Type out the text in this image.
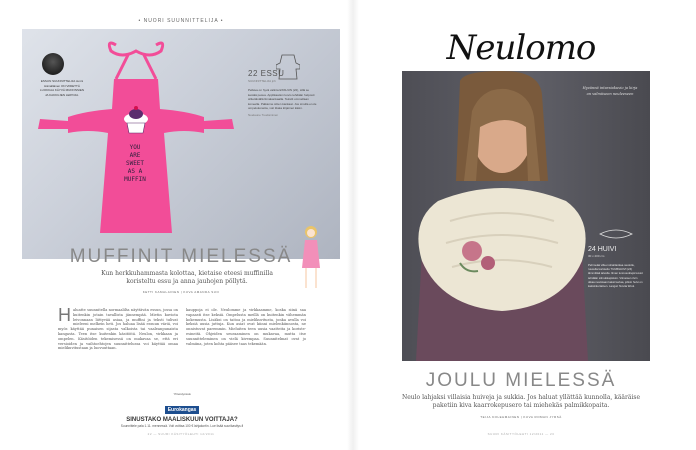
• NUORI SUUNNITTELIJA •
ESSUN SUUNNITTELIJA Jenni Hämäläinen ON VIIDETTÄ LUOKKAA KÄYVÄ MUFFINSIEN JA KAKKUJEN LEIPOJA.
YOU ARE SWEET AS A MUFFIN
22 ESSU
SUUNNITTELIJA jnh
Pellava on hyvä valinta ESSUUN (22), sillä se kestää pesua. Applikaation kuvio tehdään helposti silitettävällä liimakankaalla. Tekstit ommellaan koneella. Palkanne sitten kankaat. Jos sinulla ei ole ompelukonetta, voit tikata kirjaimet käsin.
Noelaune Tuudaminen
MUFFINIT MIELESSÄ
Kun herkkuhammasta kolottaa, kietaise eteesi muffinilla koristeltu essu ja anna jauhojen pöllytä.
KETTI KAMALAINEN | KUVA AMANDA SUO
H aluatte suunnitella normaalilta näyttävän essun, jossa on kuitenkin jotain tavallista jännempää. Mietin kuviota leivonnaan liittyvää asiaa, ja muffini ja teksti tulivat mieleeni melkein heti. Jos haluaa lisää essuun väriä, voi myös käyttää punaisen sijasta valkoista tai vaaleanpunaista kangasta. Teen itse kuitenkin käsitöitä. Neulon, virkkaan ja ompelen. Käsitöiden tekemisessä on mukavaa se, että eri versioiden ja vaihtoehtojen suunnittelussa voi käyttää omaa mielikuvitustaan ja luovuuttaan.
kauppoja ei ole. Neulomme ja virkkaamme, koska siinä saa vapaasti itse keksiä. Ompelusta meillä on kuitenkin vähemmän kokemusta. Lisäksi on taitoa ja mielikuvitusta, jonka avulla voi keksiä uusia juttuja. Kun asiat ovat kiinni mielenkiinnosta, ne onnistuvat paremmin. Mieluiten teen uusia vaatteita ja koriste-esineitä. Ohjeiden seuraaminen on mukavaa, mutta itse suunnitteleminen on vielä kivempaa. Suunnitelmat ovat jo valmiina, joten kohta pääsee taas tekemään.
Yhteistyössä
Eurokangas
SINUSTAKO MAALISKUUN VOITTAJA?
Suunnittele pala 1.11. mennessä. Voit voittaa 100 € lahjakortin. Lue lisää suurikasitys.fi
22 — SUURI KÄSITYÖLEHTI 12/2011
Neulomo
Hyvännä intarsiakuvio ja kirja on valmiiseen neuleeseen
24 HUIVI
30 x 200 cm
Pehmeää villa-mohairlankaa neulottu, ruusulla koristeltu TUUBIHUIVI (24) lämmittää talvella. Ilman tunnusvärejä kuviot tehdään silmukkapistoin. Viimeisen rivin olkaa neulotaan kaksi kertaa, jolloin huivi on kaksinkertainen. Langat: Novita Wool.
JOULU MIELESSÄ
Neulo lahjaksi villaisia huiveja ja sukkia. Jos haluat yllättää kunnolla, kääräise paketiin kiva kaarrokepusero tai miehekäs palmikkopaita.
TEIJA KOLEHMAINEN | KUVA ROMAN JYRSÄ
SUURI KÄSITYÖLEHTI 12/2011 — 23
